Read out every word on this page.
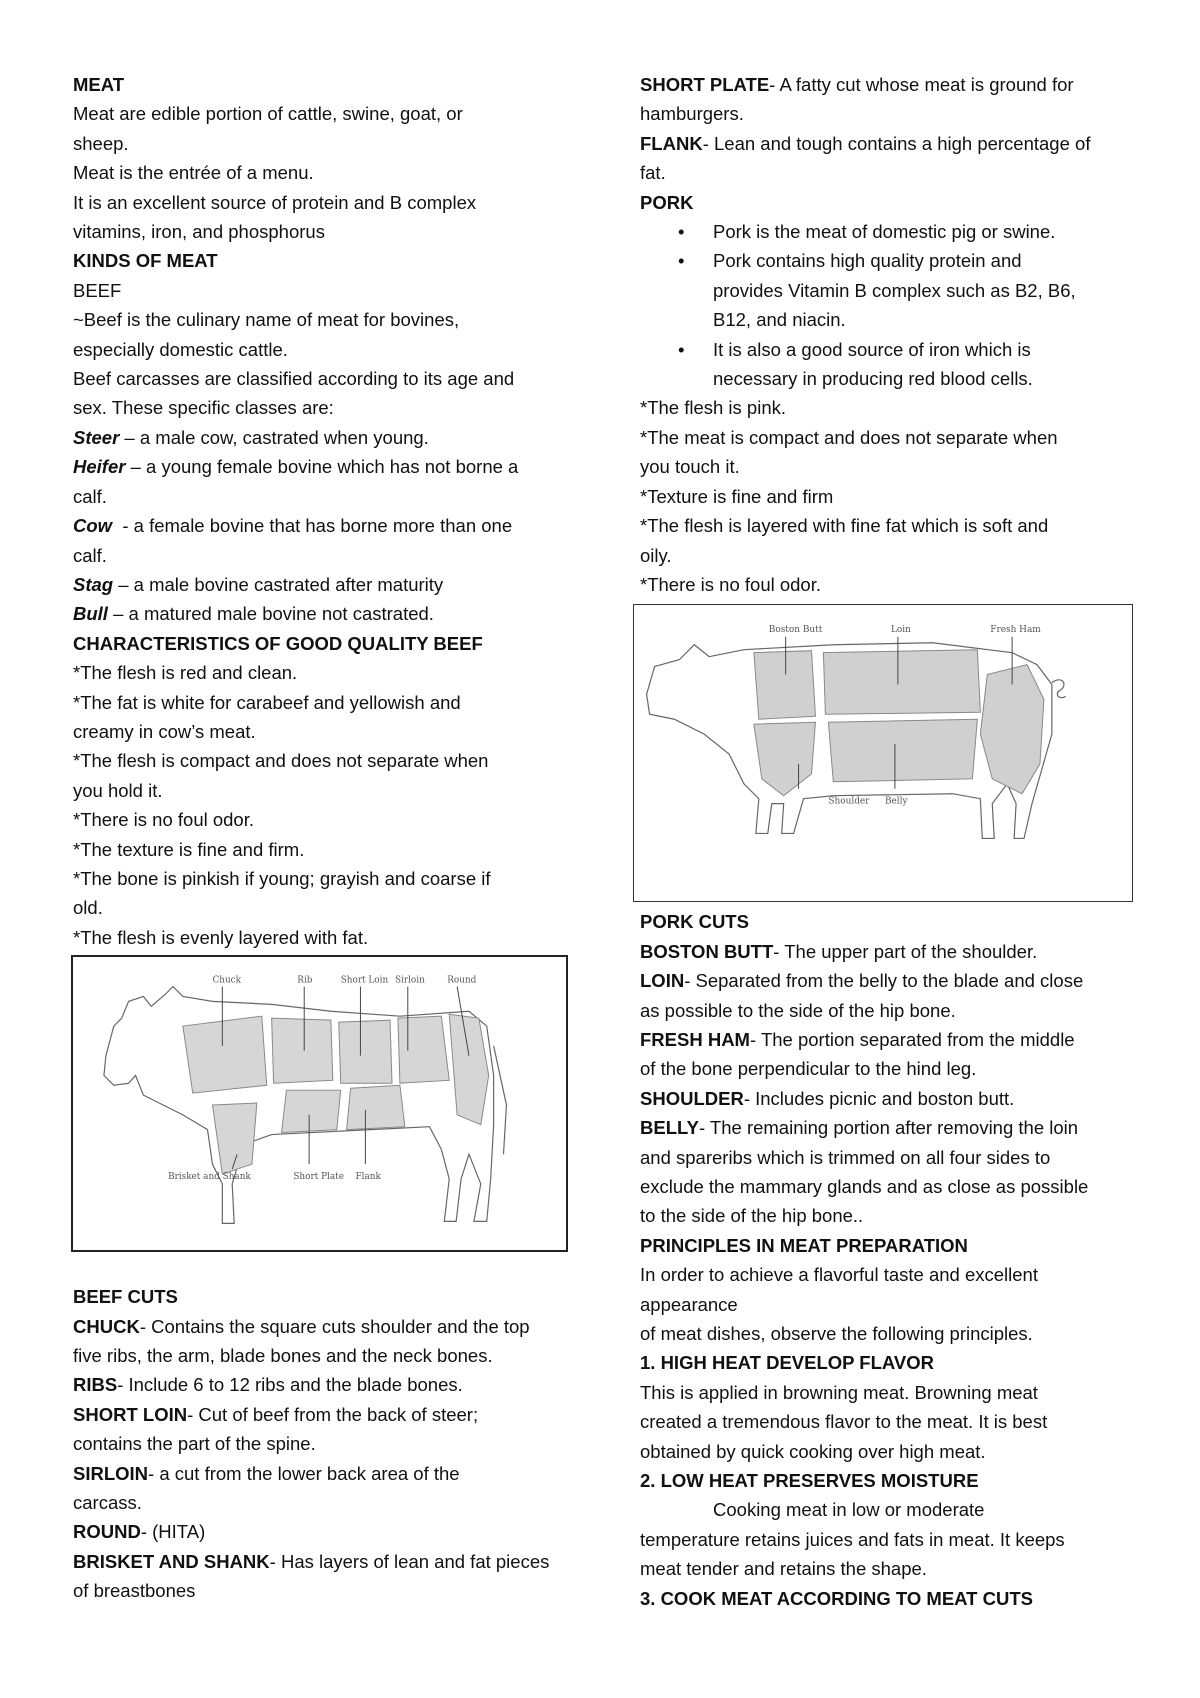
MEAT
Meat are edible portion of cattle, swine, goat, or
sheep.
Meat is the entrée of a menu.
It is an excellent source of protein and B complex
vitamins, iron, and phosphorus
KINDS OF MEAT
BEEF
~Beef is the culinary name of meat for bovines,
especially domestic cattle.
Beef carcasses are classified according to its age and
sex. These specific classes are:
Steer – a male cow, castrated when young.
Heifer – a young female bovine which has not borne a
calf.
Cow  - a female bovine that has borne more than one
calf.
Stag – a male bovine castrated after maturity
Bull – a matured male bovine not castrated.
CHARACTERISTICS OF GOOD QUALITY BEEF
*The flesh is red and clean.
*The fat is white for carabeef and yellowish and
creamy in cow’s meat.
*The flesh is compact and does not separate when
you hold it.
*There is no foul odor.
*The texture is fine and firm.
*The bone is pinkish if young; grayish and coarse if
old.
*The flesh is evenly layered with fat.
Chuck	Rib	Short Loin Sirloin Round
Brisket and Shank	Short Plate Flank
BEEF CUTS
CHUCK- Contains the square cuts shoulder and the top
five ribs, the arm, blade bones and the neck bones.
RIBS- Include 6 to 12 ribs and the blade bones.
SHORT LOIN- Cut of beef from the back of steer;
contains the part of the spine.
SIRLOIN- a cut from the lower back area of the
carcass.
ROUND- (HITA)
BRISKET AND SHANK- Has layers of lean and fat pieces
of breastbones
SHORT PLATE- A fatty cut whose meat is ground for
hamburgers.
FLANK- Lean and tough contains a high percentage of
fat.
PORK
• Pork is the meat of domestic pig or swine.
• Pork contains high quality protein and
provides Vitamin B complex such as B2, B6,
B12, and niacin.
• It is also a good source of iron which is
necessary in producing red blood cells.
*The flesh is pink.
*The meat is compact and does not separate when
you touch it.
*Texture is fine and firm
*The flesh is layered with fine fat which is soft and
oily.
*There is no foul odor.
Boston Butt	Loin	Fresh Ham
Shoulder Belly
PORK CUTS
BOSTON BUTT- The upper part of the shoulder.
LOIN- Separated from the belly to the blade and close
as possible to the side of the hip bone.
FRESH HAM- The portion separated from the middle
of the bone perpendicular to the hind leg.
SHOULDER- Includes picnic and boston butt.
BELLY- The remaining portion after removing the loin
and spareribs which is trimmed on all four sides to
exclude the mammary glands and as close as possible
to the side of the hip bone..
PRINCIPLES IN MEAT PREPARATION
In order to achieve a flavorful taste and excellent
appearance
of meat dishes, observe the following principles.
1. HIGH HEAT DEVELOP FLAVOR
This is applied in browning meat. Browning meat
created a tremendous flavor to the meat. It is best
obtained by quick cooking over high meat.
2. LOW HEAT PRESERVES MOISTURE
Cooking meat in low or moderate
temperature retains juices and fats in meat. It keeps
meat tender and retains the shape.
3. COOK MEAT ACCORDING TO MEAT CUTS
